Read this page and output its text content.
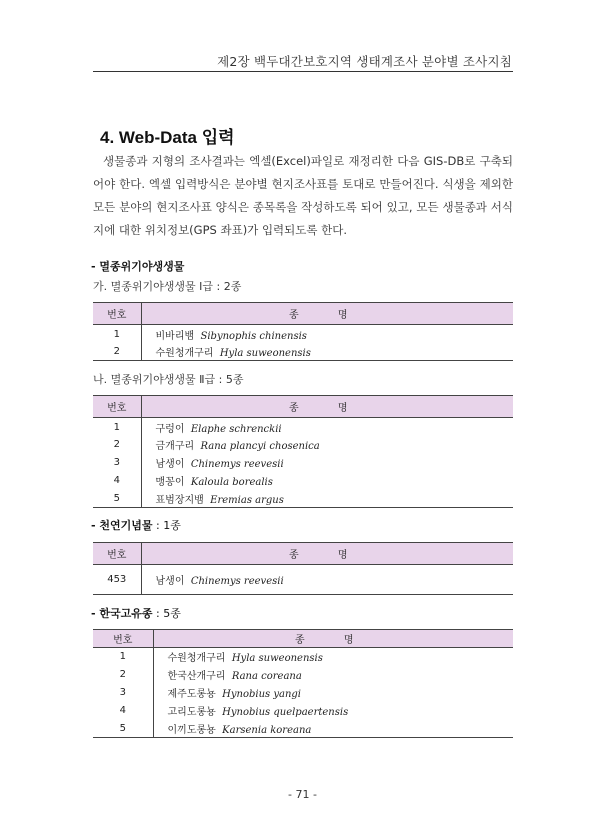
제2장 백두대간보호지역 생태계조사 분야별 조사지침
4. Web-Data 입력

생물종과 지형의 조사결과는 엑셀(Excel)파일로 재정리한 다음 GIS-DB로 구축되어야 한다. 엑셀 입력방식은 분야별 현지조사표를 토대로 만들어진다. 식생을 제외한 모든 분야의 현지조사표 양식은 종목록을 작성하도록 되어 있고, 모든 생물종과 서식지에 대한 위치정보(GPS 좌표)가 입력되도록 한다.

- 멸종위기야생생물
가. 멸종위기야생생물 Ⅰ급 : 2종
번호	종 명
1	비바리뱀 Sibynophis chinensis
2	수원청개구리 Hyla suweonensis
나. 멸종위기야생생물 Ⅱ급 : 5종
번호	종 명
1	구렁이 Elaphe schrenckii
2	금개구리 Rana plancyi chosenica
3	남생이 Chinemys reevesii
4	맹꽁이 Kaloula borealis
5	표범장지뱀 Eremias argus
- 천연기념물 : 1종
번호	종 명
453	남생이 Chinemys reevesii
- 한국고유종 : 5종
번호	종 명
1	수원청개구리 Hyla suweonensis
2	한국산개구리 Rana coreana
3	제주도롱뇽 Hynobius yangi
4	고리도롱뇽 Hynobius quelpaertensis
5	이끼도롱뇽 Karsenia koreana
- 71 -
